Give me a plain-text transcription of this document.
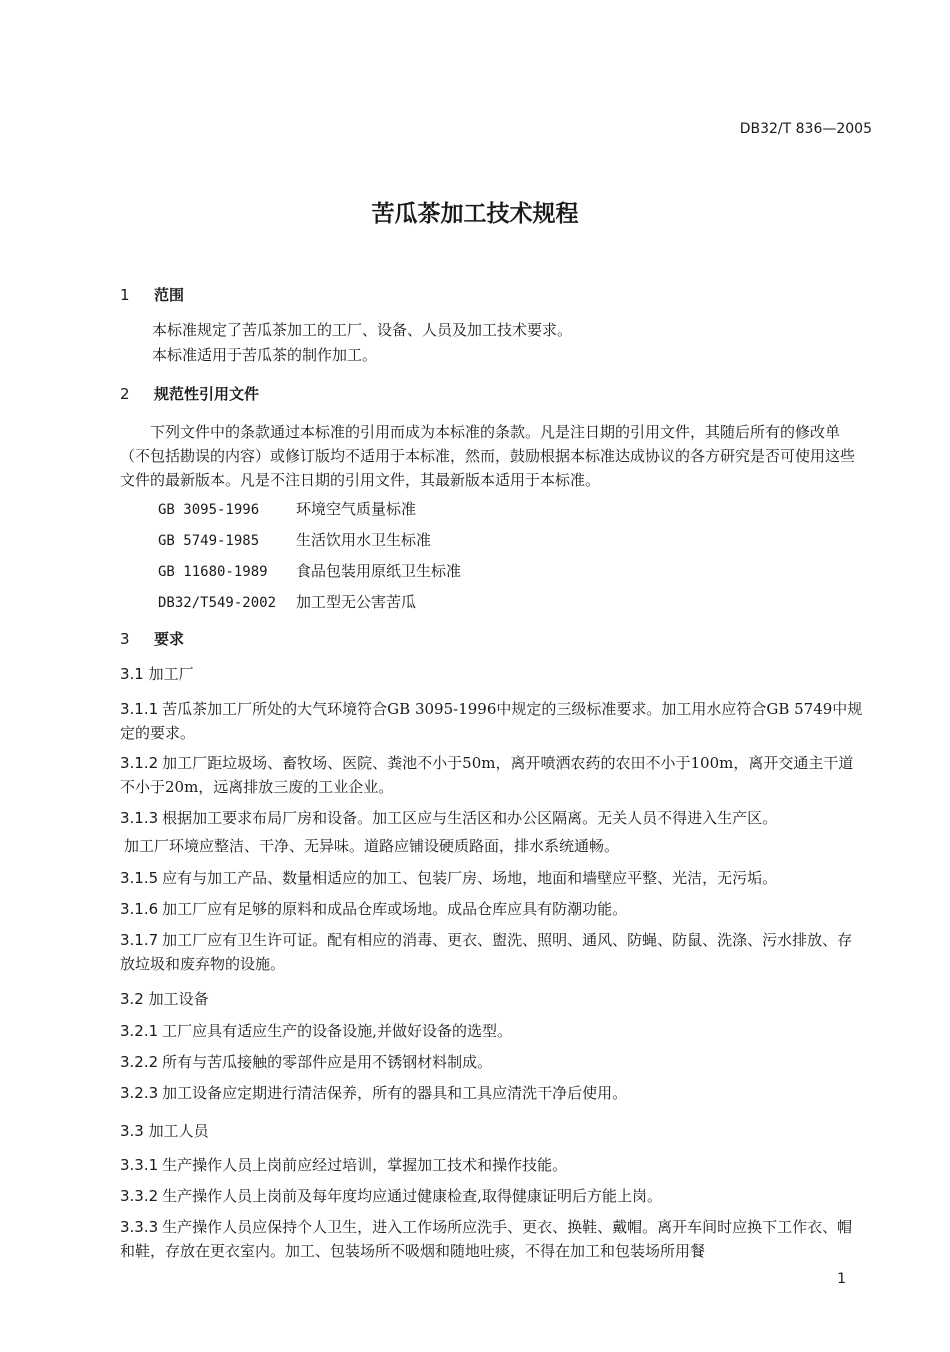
DB32/T 836—2005
苦瓜茶加工技术规程
1 范围
本标准规定了苦瓜茶加工的工厂、设备、人员及加工技术要求。
本标准适用于苦瓜茶的制作加工。
2 规范性引用文件
下列文件中的条款通过本标准的引用而成为本标准的条款。凡是注日期的引用文件，其随后所有的修改单（不包括勘误的内容）或修订版均不适用于本标准，然而，鼓励根据本标准达成协议的各方研究是否可使用这些文件的最新版本。凡是不注日期的引用文件，其最新版本适用于本标准。
GB 3095-1996 环境空气质量标准
GB 5749-1985 生活饮用水卫生标准
GB 11680-1989 食品包装用原纸卫生标准
DB32/T549-2002 加工型无公害苦瓜
3 要求
3.1 加工厂
3.1.1 苦瓜茶加工厂所处的大气环境符合GB 3095-1996中规定的三级标准要求。加工用水应符合GB 5749中规定的要求。
3.1.2 加工厂距垃圾场、畜牧场、医院、粪池不小于50m，离开喷洒农药的农田不小于100m，离开交通主干道不小于20m，远离排放三废的工业企业。
3.1.3 根据加工要求布局厂房和设备。加工区应与生活区和办公区隔离。无关人员不得进入生产区。
加工厂环境应整洁、干净、无异味。道路应铺设硬质路面，排水系统通畅。
3.1.5 应有与加工产品、数量相适应的加工、包装厂房、场地，地面和墙壁应平整、光洁，无污垢。
3.1.6 加工厂应有足够的原料和成品仓库或场地。成品仓库应具有防潮功能。
3.1.7 加工厂应有卫生许可证。配有相应的消毒、更衣、盥洗、照明、通风、防蝇、防鼠、洗涤、污水排放、存放垃圾和废弃物的设施。
3.2 加工设备
3.2.1 工厂应具有适应生产的设备设施,并做好设备的选型。
3.2.2 所有与苦瓜接触的零部件应是用不锈钢材料制成。
3.2.3 加工设备应定期进行清洁保养，所有的器具和工具应清洗干净后使用。
3.3 加工人员
3.3.1 生产操作人员上岗前应经过培训，掌握加工技术和操作技能。
3.3.2 生产操作人员上岗前及每年度均应通过健康检查,取得健康证明后方能上岗。
3.3.3 生产操作人员应保持个人卫生，进入工作场所应洗手、更衣、换鞋、戴帽。离开车间时应换下工作衣、帽和鞋，存放在更衣室内。加工、包装场所不吸烟和随地吐痰，不得在加工和包装场所用餐
1
